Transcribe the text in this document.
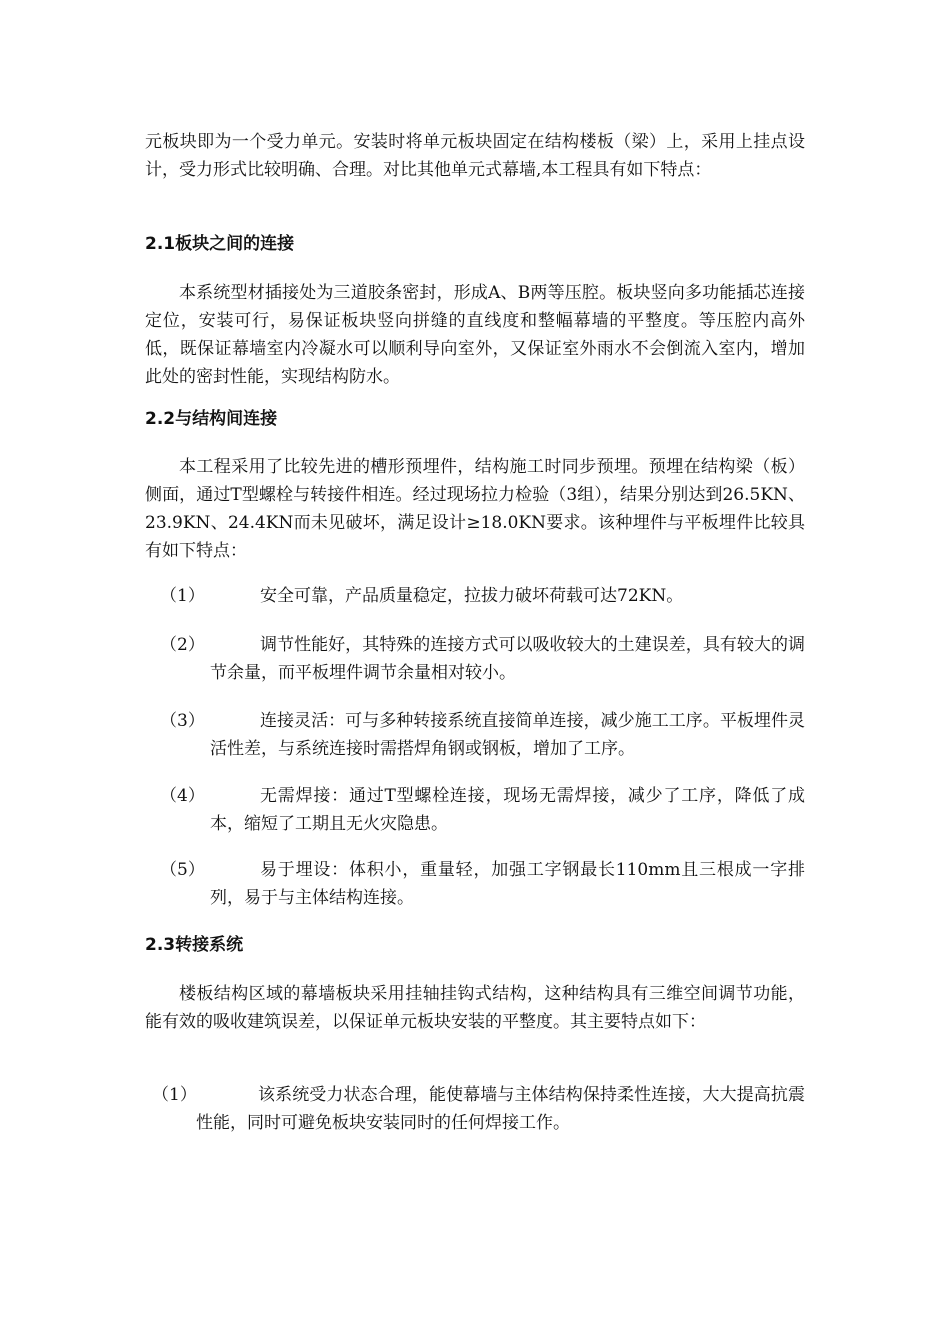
元板块即为一个受力单元。安装时将单元板块固定在结构楼板（梁）上，采用上挂点设计，受力形式比较明确、合理。对比其他单元式幕墙,本工程具有如下特点：

2.1板块之间的连接

本系统型材插接处为三道胶条密封，形成A、B两等压腔。板块竖向多功能插芯连接定位，安装可行，易保证板块竖向拼缝的直线度和整幅幕墙的平整度。等压腔内高外低，既保证幕墙室内冷凝水可以顺利导向室外，又保证室外雨水不会倒流入室内，增加此处的密封性能，实现结构防水。

2.2与结构间连接

本工程采用了比较先进的槽形预埋件，结构施工时同步预埋。预埋在结构梁（板）侧面，通过T型螺栓与转接件相连。经过现场拉力检验（3组），结果分别达到26.5KN、23.9KN、24.4KN而未见破坏，满足设计≥18.0KN要求。该种埋件与平板埋件比较具有如下特点：

（1）	安全可靠，产品质量稳定，拉拔力破坏荷载可达72KN。
（2）	调节性能好，其特殊的连接方式可以吸收较大的土建误差，具有较大的调节余量，而平板埋件调节余量相对较小。
（3）	连接灵活：可与多种转接系统直接简单连接，减少施工工序。平板埋件灵活性差，与系统连接时需搭焊角钢或钢板，增加了工序。
（4）	无需焊接：通过T型螺栓连接，现场无需焊接，减少了工序，降低了成本，缩短了工期且无火灾隐患。
（5）	易于埋设：体积小，重量轻，加强工字钢最长110mm且三根成一字排列，易于与主体结构连接。
2.3转接系统

楼板结构区域的幕墙板块采用挂轴挂钩式结构，这种结构具有三维空间调节功能，能有效的吸收建筑误差，以保证单元板块安装的平整度。其主要特点如下：

（1）	该系统受力状态合理，能使幕墙与主体结构保持柔性连接，大大提高抗震性能，同时可避免板块安装同时的任何焊接工作。
